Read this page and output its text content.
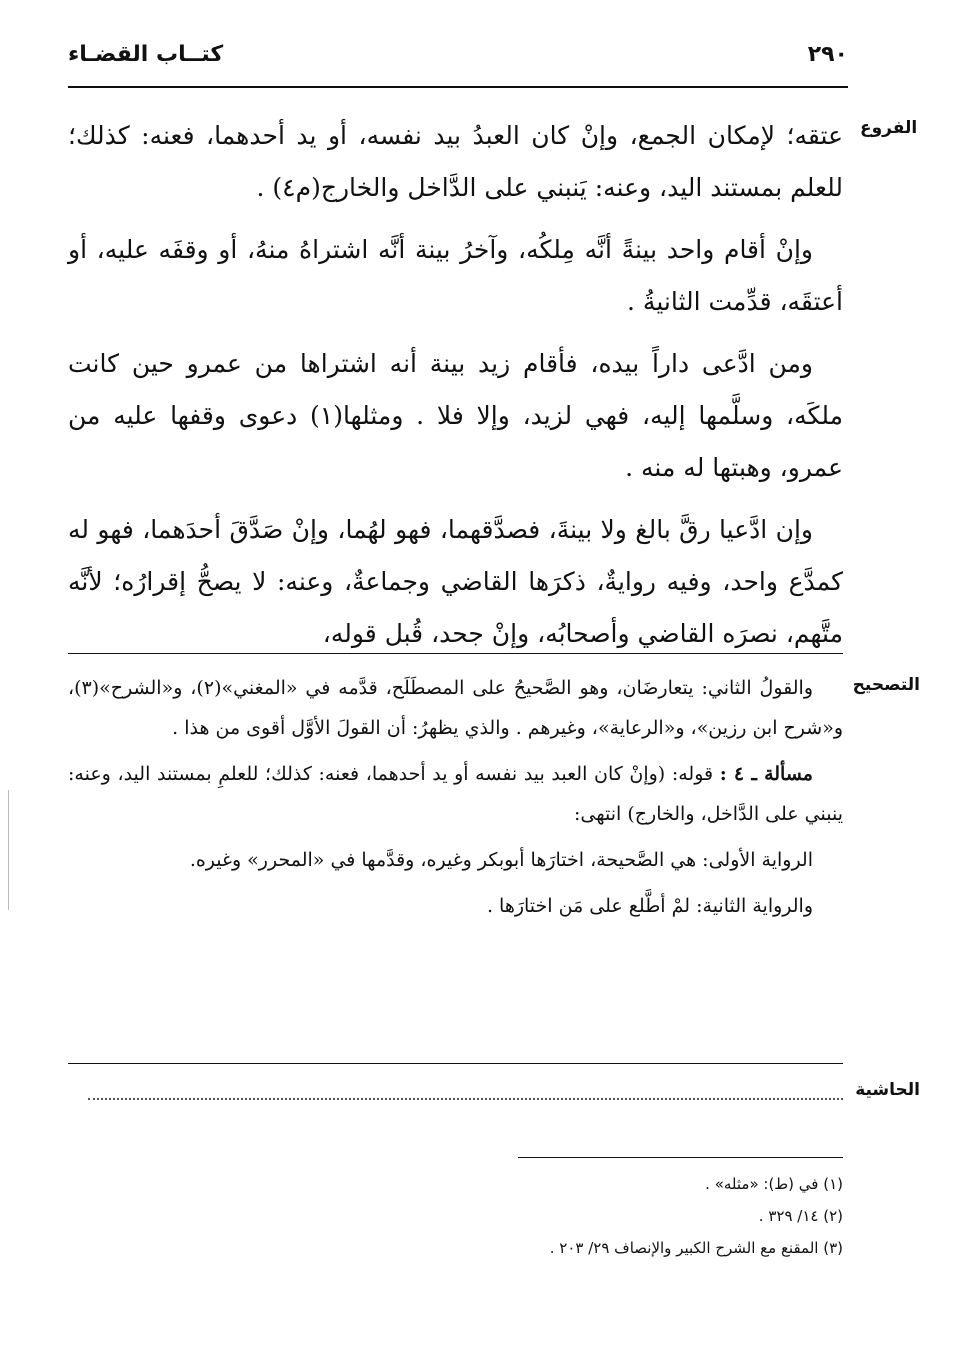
٢٩٠
كتــاب القضـاء
الفروع
التصحيح
الحاشية

عتقه؛ لإمكان الجمع، وإنْ كان العبدُ بيد نفسه، أو يد أحدهما، فعنه: كذلك؛ للعلم بمستند اليد، وعنه: يَنبني على الدَّاخل والخارج(م٤) .

وإنْ أقام واحد بينةً أنَّه مِلكُه، وآخرُ بينة أنَّه اشتراهُ منهُ، أو وقفَه عليه، أو أعتقَه، قدِّمت الثانيةُ .

ومن ادَّعى داراً بيده، فأقام زيد بينة أنه اشتراها من عمرو حين كانت ملكَه، وسلَّمها إليه، فهي لزيد، وإلا فلا . ومثلها(١) دعوى وقفها عليه من عمرو، وهبتها له منه .

وإن ادَّعيا رقَّ بالغ ولا بينةَ، فصدَّقهما، فهو لهُما، وإنْ صَدَّقَ أحدَهما، فهو له كمدَّع واحد، وفيه روايةٌ، ذكرَها القاضي وجماعةٌ، وعنه: لا يصحُّ إقرارُه؛ لأنَّه متَّهم، نصرَه القاضي وأصحابُه، وإنْ جحد، قُبل قوله،

والقولُ الثاني: يتعارضَان، وهو الصَّحيحُ على المصطَلَح، قدَّمه في «المغني»(٢)، و«الشرح»(٣)، و«شرح ابن رزين»، و«الرعاية»، وغيرهم . والذي يظهرُ: أن القولَ الأوَّل أقوى من هذا .

مسألة ـ ٤ : قوله: (وإنْ كان العبد بيد نفسه أو يد أحدهما، فعنه: كذلك؛ للعلمِ بمستند اليد، وعنه: ينبني على الدَّاخل، والخارج) انتهى:

الرواية الأولى: هي الصَّحيحة، اختارَها أبوبكر وغيره، وقدَّمها في «المحرر» وغيره.

والرواية الثانية: لمْ أطَّلع على مَن اختارَها .

(١) في (ط): «مثله» .
(٢) ١٤/ ٣٢٩ .
(٣) المقنع مع الشرح الكبير والإنصاف ٢٩/ ٢٠٣ .
